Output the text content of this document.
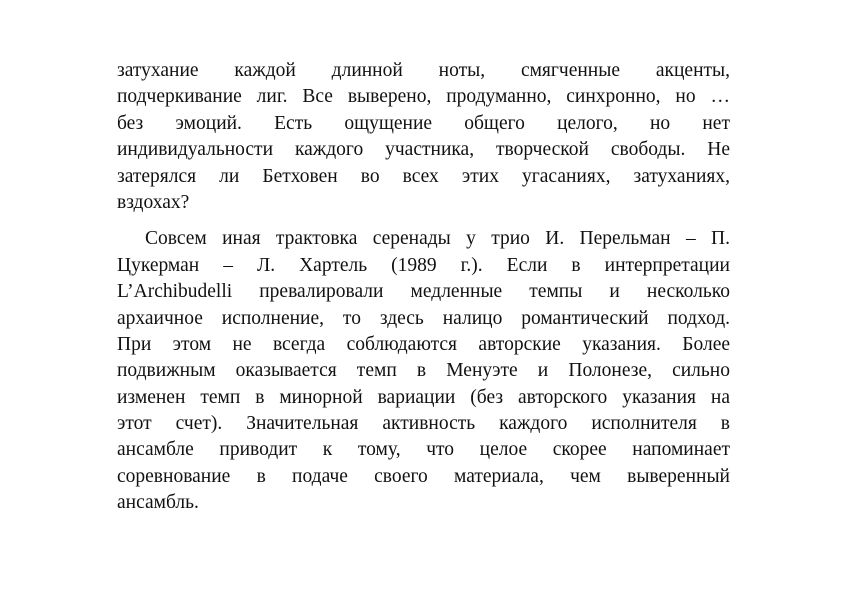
затухание каждой длинной ноты, смягченные акценты,
подчеркивание лиг. Все выверено, продуманно, синхронно, но …
без эмоций. Есть ощущение общего целого, но нет
индивидуальности каждого участника, творческой свободы. Не
затерялся ли Бетховен во всех этих угасаниях, затуханиях,
вздохах?
Совсем иная трактовка серенады у трио И. Перельман – П.
Цукерман – Л. Хартель (1989 г.). Если в интерпретации
L’Archibudelli превалировали медленные темпы и несколько
архаичное исполнение, то здесь налицо романтический подход.
При этом не всегда соблюдаются авторские указания. Более
подвижным оказывается темп в Менуэте и Полонезе, сильно
изменен темп в минорной вариации (без авторского указания на
этот счет). Значительная активность каждого исполнителя в
ансамбле приводит к тому, что целое скорее напоминает
соревнование в подаче своего материала, чем выверенный
ансамбль.
